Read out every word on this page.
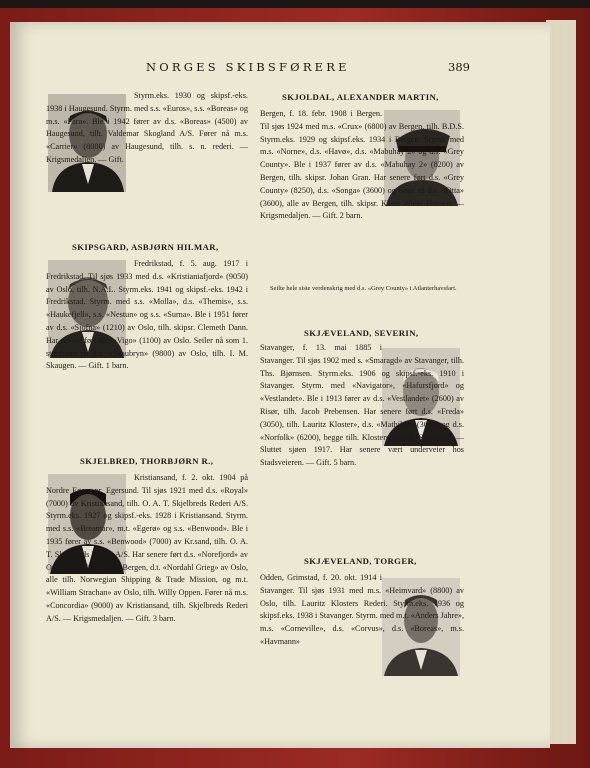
NORGES SKIBSFØRERE	389
Styrm.eks. 1930 og skipsf.-eks. 1938 i Haugesund. Styrm. med s.s. «Euros», s.s. «Boreas» og m.s. «Para». Ble i 1942 fører av d.s. «Boreas» (4500) av Haugesund, tilh. Valdemar Skogland A/S. Fører nå m.s. «Carrier» (8000) av Haugesund, tilh. s. n. rederi. — Krigsmedaljen. — Gift.
SKIPSGARD, ASBJØRN HILMAR,
Fredrikstad, f. 5. aug. 1917 i Fredrikstad. Til sjøs 1933 med d.s. «Kristianiafjord» (9050) av Oslo, tilh. N.A.L. Styrm.eks. 1941 og skipsf.-eks. 1942 i Fredrikstad. Styrm. med s.s. «Molla», d.s. «Themis», s.s. «Haukefjell», s.s. «Nestun» og s.s. «Surna». Ble i 1951 fører av d.s. «Sjofna» (1210) av Oslo, tilh. skipsr. Clemeth Dann. Har senere ført d.s. «Vigo» (1100) av Oslo. Seiler nå som 1. styrmann på d.s. «Skaubryn» (9800) av Oslo, tilh. I. M. Skaugen. — Gift. 1 barn.
SKJELBRED, THORBJØRN R.,
Kristiansand, f. 2. okt. 1904 på Nordre Egerø pr. Egersund. Til sjøs 1921 med d.s. «Royal» (7000) av Kristiansand, tilh. O. A. T. Skjelbreds Rederi A/S. Styrm.eks. 1927 og skipsf.-eks. 1928 i Kristiansand. Styrm. med s.s. «Breamar», m.t. «Egerø» og s.s. «Benwood». Ble i 1935 fører av s.s. «Benwood» (7000) av Kr.sand, tilh. O. A. T. Skjelbreds Rederi A/S. Har senere ført d.s. «Norefjord» av Oslo, d.s. «Garnes» av Bergen, d.t. «Nordahl Grieg» av Oslo, alle tilh. Norwegian Shipping & Trade Mission, og m.t. «William Strachan» av Oslo, tilh. Willy Oppen. Fører nå m.s. «Concordia» (9000) av Kristiansand, tilh. Skjelbreds Rederi A/S. — Krigsmedaljen. — Gift. 3 barn.
SKJOLDAL, ALEXANDER MARTIN,
Bergen, f. 18. febr. 1908 i Bergen. Til sjøs 1924 med m.s. «Crux» (6800) av Bergen, tilh. B.D.S. Styrm.eks. 1929 og skipsf.eks. 1934 i Bergen. Styrm. med m.s. «Norne», d.s. «Havø», d.s. «Mabuhay 2» og d.s. «Grey County». Ble i 1937 fører av d.s. «Mabuhay 2» (8200) av Bergen, tilh. skipsr. Johan Gran. Har senere ført d.s. «Grey County» (8250), d.s. «Songa» (3600) og fører nå d.s. «Otta» (3600), alle av Bergen, tilh. skipsr. Klaus Wiese Hansen. — Krigsmedaljen. — Gift. 2 barn.
Seilte hele siste verdenskrig med d.s. «Grey County» i Atlanterhavsfart.
SKJÆVELAND, SEVERIN,
Stavanger, f. 13. mai 1885 i Stavanger. Til sjøs 1902 med s. «Smaragd» av Stavanger, tilh. Ths. Bjørnsen. Styrm.eks. 1906 og skipsf.-eks. 1910 i Stavanger. Styrm. med «Navigator», «Hafursfjord» og «Vestlandet». Ble i 1913 fører av d.s. «Vestlandet» (2600) av Risør, tilh. Jacob Prebensen. Har senere ført d.s. «Freda» (3050), tilh. Lauritz Kloster», d.s. «Mathilde» (3600) og d.s. «Norfolk» (6200), begge tilh. Klosters Rederi, Stavanger. — Sluttet sjøen 1917. Har senere vært underveier hos Stadsveieren. — Gift. 5 barn.
SKJÆVELAND, TORGER,
Odden, Grimstad, f. 20. okt. 1914 i Stavanger. Til sjøs 1931 med m.s. «Heimvard» (8800) av Oslo, tilh. Lauritz Klosters Rederi. Styrm.eks. 1936 og skipsf.eks. 1938 i Stavanger. Styrm. med m.t. «Anders Jahre», m.s. «Corneville», d.s. «Corvus», d.s. «Boreas», m.s. «Havmann»
